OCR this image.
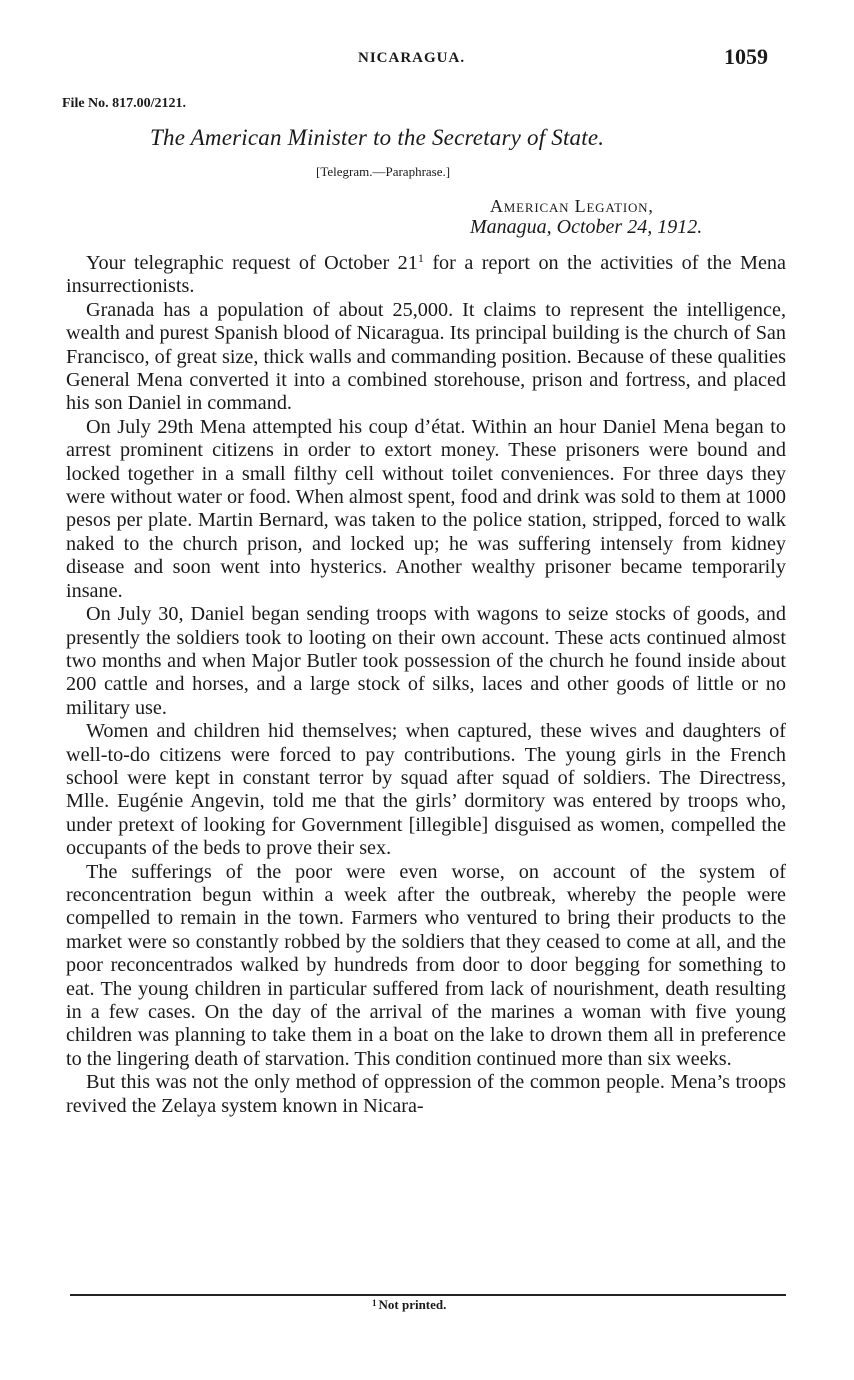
NICARAGUA.	1059
File No. 817.00/2121.
The American Minister to the Secretary of State.
[Telegram.—Paraphrase.]
American Legation,
Managua, October 24, 1912.

Your telegraphic request of October $21^1$ for a report on the activities of the Mena insurrectionists.

Granada has a population of about 25,000. It claims to represent the intelligence, wealth and purest Spanish blood of Nicaragua. Its principal building is the church of San Francisco, of great size, thick walls and commanding position. Because of these qualities General Mena converted it into a combined storehouse, prison and fortress, and placed his son Daniel in command.

On July 29th Mena attempted his coup d’état. Within an hour Daniel Mena began to arrest prominent citizens in order to extort money. These prisoners were bound and locked together in a small filthy cell without toilet conveniences. For three days they were without water or food. When almost spent, food and drink was sold to them at 1000 pesos per plate. Martin Bernard, was taken to the police station, stripped, forced to walk naked to the church prison, and locked up; he was suffering intensely from kidney disease and soon went into hysterics. Another wealthy prisoner became temporarily insane.

On July 30, Daniel began sending troops with wagons to seize stocks of goods, and presently the soldiers took to looting on their own account. These acts continued almost two months and when Major Butler took possession of the church he found inside about 200 cattle and horses, and a large stock of silks, laces and other goods of little or no military use.

Women and children hid themselves; when captured, these wives and daughters of well-to-do citizens were forced to pay contributions. The young girls in the French school were kept in constant terror by squad after squad of soldiers. The Directress, Mlle. Eugénie Angevin, told me that the girls’ dormitory was entered by troops who, under pretext of looking for Government [illegible] disguised as women, compelled the occupants of the beds to prove their sex.

The sufferings of the poor were even worse, on account of the system of reconcentration begun within a week after the outbreak, whereby the people were compelled to remain in the town. Farmers who ventured to bring their products to the market were so constantly robbed by the soldiers that they ceased to come at all, and the poor reconcentrados walked by hundreds from door to door begging for something to eat. The young children in particular suffered from lack of nourishment, death resulting in a few cases. On the day of the arrival of the marines a woman with five young children was planning to take them in a boat on the lake to drown them all in preference to the lingering death of starvation. This condition continued more than six weeks.

But this was not the only method of oppression of the common people. Mena’s troops revived the Zelaya system known in Nicara-

$^1$ Not printed.
